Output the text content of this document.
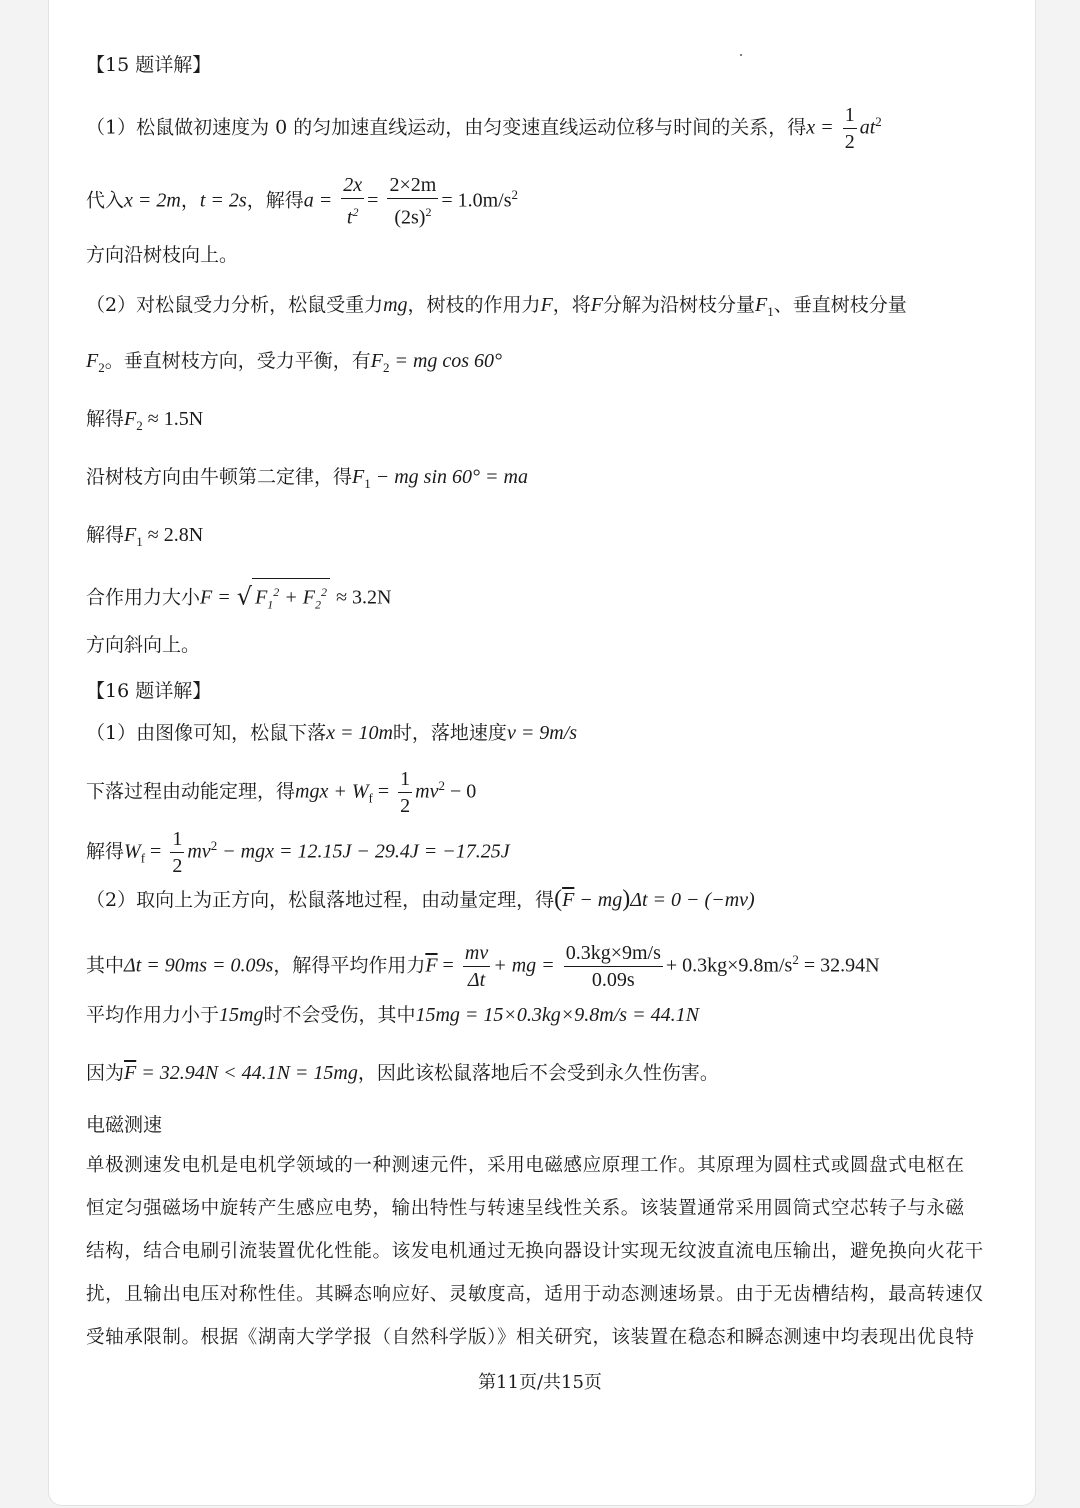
【15 题详解】
（1）松鼠做初速度为 0 的匀加速直线运动，由匀变速直线运动位移与时间的关系，得$x = \frac{1}{2} at^2$
代入x = 2m，t = 2s，解得$a = \frac{2x}{t^2} = \frac{2\times 2m}{(2s)^2} = 1.0m/s^2$
方向沿树枝向上。
（2）对松鼠受力分析，松鼠受重力mg，树枝的作用力F，将F分解为沿树枝分量$F_1$、垂直树枝分量
$F_2$。垂直树枝方向，受力平衡，有$F_2$ = mg cos 60°
解得$F_2 \approx 1.5N$
沿树枝方向由牛顿第二定律，得$F_1$ − mg sin 60° = ma
解得$F_1 \approx 2.8N$
合作用力大小F = √ $F_1^2 + F_2^2 \approx 3.2N$
方向斜向上。
【16 题详解】
（1）由图像可知，松鼠下落x = 10m时，落地速度v = 9m/s
下落过程由动能定理，得mgx + $W_f = \frac{1}{2} mv^2 - 0$
解得$W_f = \frac{1}{2} mv^2$ − mgx = 12.15J − 29.4J = −17.25J
（2）取向上为正方向，松鼠落地过程，由动量定理，得$(\overline{F} - mg)\Delta t = 0 - (-mv)$
其中Δt = 90ms = 0.09s，解得平均作用力$\overline{F} = \frac{mv}{\Delta t}$ + mg = $\frac{0.3kg\times 9m/s}{0.09s} + 0.3kg\times 9.8m/s^2 = 32.94N$
平均作用力小于15mg时不会受伤，其中15mg = 15×0.3kg×9.8m/s = 44.1N
因为$\overline{F} = 32.94N < 44.1N = 15mg$，因此该松鼠落地后不会受到永久性伤害。
电磁测速
单极测速发电机是电机学领域的一种测速元件，采用电磁感应原理工作。其原理为圆柱式或圆盘式电枢在
恒定匀强磁场中旋转产生感应电势，输出特性与转速呈线性关系。该装置通常采用圆筒式空芯转子与永磁
结构，结合电刷引流装置优化性能。该发电机通过无换向器设计实现无纹波直流电压输出，避免换向火花干
扰，且输出电压对称性佳。其瞬态响应好、灵敏度高，适用于动态测速场景。由于无齿槽结构，最高转速仅
受轴承限制。根据《湖南大学学报（自然科学版）》相关研究，该装置在稳态和瞬态测速中均表现出优良特
第11页/共15页
